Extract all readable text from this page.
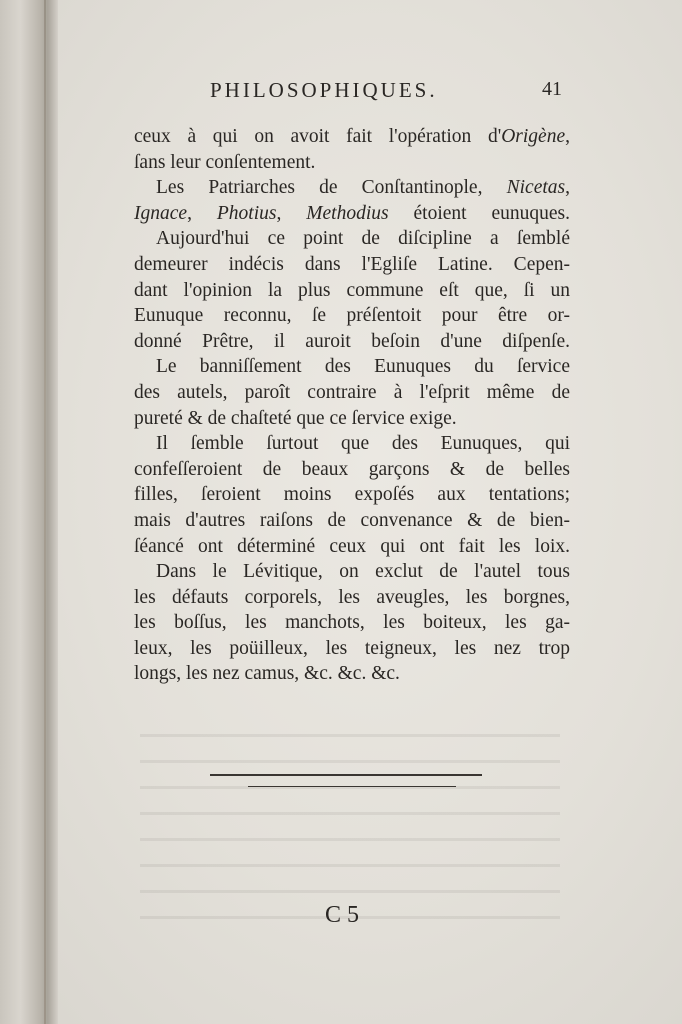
PHILOSOPHIQUES.	41
ceux à qui on avoit fait l'opération d'Origène,
ſans leur conſentement.
Les Patriarches de Conſtantinople, Nicetas,
Ignace, Photius, Methodius étoient eunuques.
Aujourd'hui ce point de diſcipline a ſemblé
demeurer indécis dans l'Egliſe Latine. Cepen-
dant l'opinion la plus commune eſt que, ſi un
Eunuque reconnu, ſe préſentoit pour être or-
donné Prêtre, il auroit beſoin d'une diſpenſe.
Le banniſſement des Eunuques du ſervice
des autels, paroît contraire à l'eſprit même de
pureté & de chaſteté que ce ſervice exige.
Il ſemble ſurtout que des Eunuques, qui
confeſſeroient de beaux garçons & de belles
filles, ſeroient moins expoſés aux tentations;
mais d'autres raiſons de convenance & de bien-
ſéancé ont déterminé ceux qui ont fait les loix.
Dans le Lévitique, on exclut de l'autel tous
les défauts corporels, les aveugles, les borgnes,
les boſſus, les manchots, les boiteux, les ga-
leux, les poüilleux, les teigneux, les nez trop
longs, les nez camus, &c. &c. &c.
C 5
